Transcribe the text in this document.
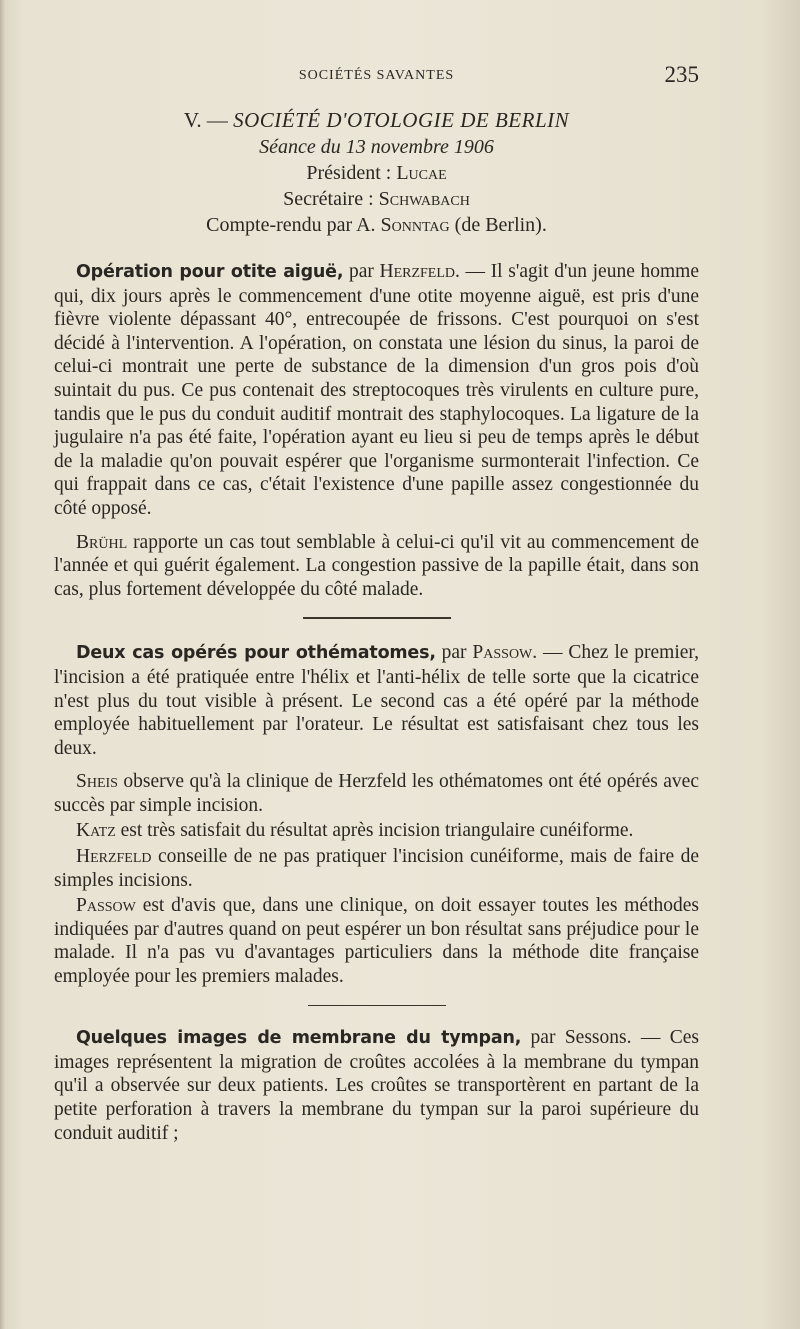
SOCIÉTÉS SAVANTES	235
V. — SOCIÉTÉ D'OTOLOGIE DE BERLIN
Séance du 13 novembre 1906
Président : Lucae
Secrétaire : Schwabach
Compte-rendu par A. Sonntag (de Berlin).

Opération pour otite aiguë, par Herzfeld. — Il s'agit d'un jeune homme qui, dix jours après le commencement d'une otite moyenne aiguë, est pris d'une fièvre violente dépassant 40°, entrecoupée de frissons. C'est pourquoi on s'est décidé à l'intervention. A l'opération, on constata une lésion du sinus, la paroi de celui-ci montrait une perte de substance de la dimension d'un gros pois d'où suintait du pus. Ce pus contenait des streptocoques très virulents en culture pure, tandis que le pus du conduit auditif montrait des staphylocoques. La ligature de la jugulaire n'a pas été faite, l'opération ayant eu lieu si peu de temps après le début de la maladie qu'on pouvait espérer que l'organisme surmonterait l'infection. Ce qui frappait dans ce cas, c'était l'existence d'une papille assez congestionnée du côté opposé.

Brühl rapporte un cas tout semblable à celui-ci qu'il vit au commencement de l'année et qui guérit également. La congestion passive de la papille était, dans son cas, plus fortement développée du côté malade.

Deux cas opérés pour othématomes, par Passow. — Chez le premier, l'incision a été pratiquée entre l'hélix et l'anti-hélix de telle sorte que la cicatrice n'est plus du tout visible à présent. Le second cas a été opéré par la méthode employée habituellement par l'orateur. Le résultat est satisfaisant chez tous les deux.

Sheis observe qu'à la clinique de Herzfeld les othématomes ont été opérés avec succès par simple incision.

Katz est très satisfait du résultat après incision triangulaire cunéiforme.

Herzfeld conseille de ne pas pratiquer l'incision cunéiforme, mais de faire de simples incisions.

Passow est d'avis que, dans une clinique, on doit essayer toutes les méthodes indiquées par d'autres quand on peut espérer un bon résultat sans préjudice pour le malade. Il n'a pas vu d'avantages particuliers dans la méthode dite française employée pour les premiers malades.

Quelques images de membrane du tympan, par Sessons. — Ces images représentent la migration de croûtes accolées à la membrane du tympan qu'il a observée sur deux patients. Les croûtes se transportèrent en partant de la petite perforation à travers la membrane du tympan sur la paroi supérieure du conduit auditif ;
